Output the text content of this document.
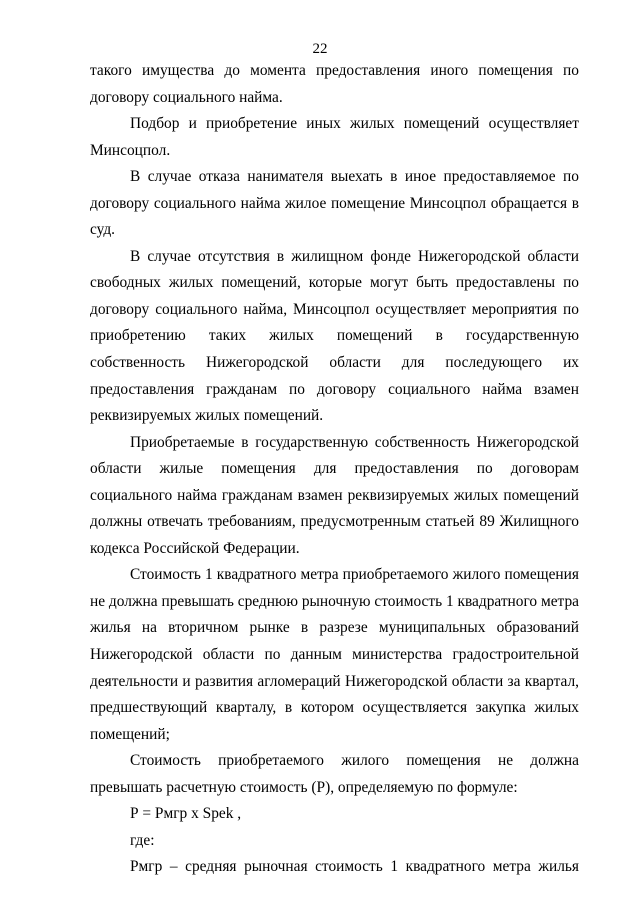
22

такого имущества до момента предоставления иного помещения по договору социального найма.

Подбор и приобретение иных жилых помещений осуществляет Минсоцпол.

В случае отказа нанимателя выехать в иное предоставляемое по договору социального найма жилое помещение Минсоцпол обращается в суд.

В случае отсутствия в жилищном фонде Нижегородской области свободных жилых помещений, которые могут быть предоставлены по договору социального найма, Минсоцпол осуществляет мероприятия по приобретению таких жилых помещений в государственную собственность Нижегородской области для последующего их предоставления гражданам по договору социального найма взамен реквизируемых жилых помещений.

Приобретаемые в государственную собственность Нижегородской области жилые помещения для предоставления по договорам социального найма гражданам взамен реквизируемых жилых помещений должны отвечать требованиям, предусмотренным статьей 89 Жилищного кодекса Российской Федерации.

Стоимость 1 квадратного метра приобретаемого жилого помещения не должна превышать среднюю рыночную стоимость 1 квадратного метра жилья на вторичном рынке в разрезе муниципальных образований Нижегородской области по данным министерства градостроительной деятельности и развития агломераций Нижегородской области за квартал, предшествующий кварталу, в котором осуществляется закупка жилых помещений;

Стоимость приобретаемого жилого помещения не должна превышать расчетную стоимость (Р), определяемую по формуле:

Р = Рмгр х Spek ,

где:

Рмгр – средняя рыночная стоимость 1 квадратного метра жилья
